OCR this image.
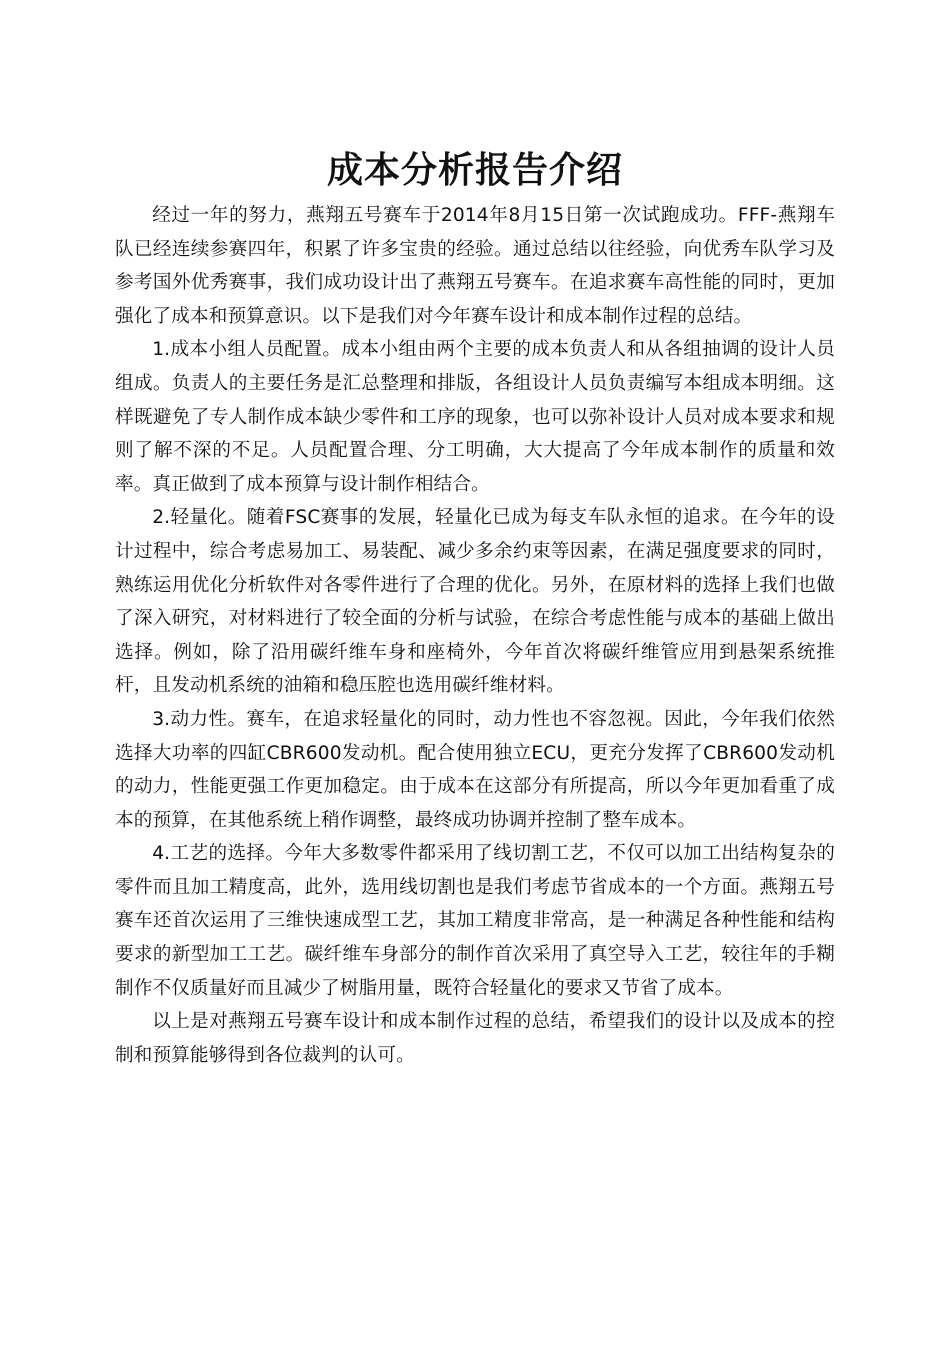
成本分析报告介绍

经过一年的努力，燕翔五号赛车于2014年8月15日第一次试跑成功。FFF-燕翔车队已经连续参赛四年，积累了许多宝贵的经验。通过总结以往经验，向优秀车队学习及参考国外优秀赛事，我们成功设计出了燕翔五号赛车。在追求赛车高性能的同时，更加强化了成本和预算意识。以下是我们对今年赛车设计和成本制作过程的总结。

1.成本小组人员配置。成本小组由两个主要的成本负责人和从各组抽调的设计人员组成。负责人的主要任务是汇总整理和排版，各组设计人员负责编写本组成本明细。这样既避免了专人制作成本缺少零件和工序的现象，也可以弥补设计人员对成本要求和规则了解不深的不足。人员配置合理、分工明确，大大提高了今年成本制作的质量和效率。真正做到了成本预算与设计制作相结合。

2.轻量化。随着FSC赛事的发展，轻量化已成为每支车队永恒的追求。在今年的设计过程中，综合考虑易加工、易装配、减少多余约束等因素，在满足强度要求的同时，熟练运用优化分析软件对各零件进行了合理的优化。另外，在原材料的选择上我们也做了深入研究，对材料进行了较全面的分析与试验，在综合考虑性能与成本的基础上做出选择。例如，除了沿用碳纤维车身和座椅外，今年首次将碳纤维管应用到悬架系统推杆，且发动机系统的油箱和稳压腔也选用碳纤维材料。

3.动力性。赛车，在追求轻量化的同时，动力性也不容忽视。因此，今年我们依然选择大功率的四缸CBR600发动机。配合使用独立ECU，更充分发挥了CBR600发动机的动力，性能更强工作更加稳定。由于成本在这部分有所提高，所以今年更加看重了成本的预算，在其他系统上稍作调整，最终成功协调并控制了整车成本。

4.工艺的选择。今年大多数零件都采用了线切割工艺，不仅可以加工出结构复杂的零件而且加工精度高，此外，选用线切割也是我们考虑节省成本的一个方面。燕翔五号赛车还首次运用了三维快速成型工艺，其加工精度非常高，是一种满足各种性能和结构要求的新型加工工艺。碳纤维车身部分的制作首次采用了真空导入工艺，较往年的手糊制作不仅质量好而且减少了树脂用量，既符合轻量化的要求又节省了成本。

以上是对燕翔五号赛车设计和成本制作过程的总结，希望我们的设计以及成本的控制和预算能够得到各位裁判的认可。
